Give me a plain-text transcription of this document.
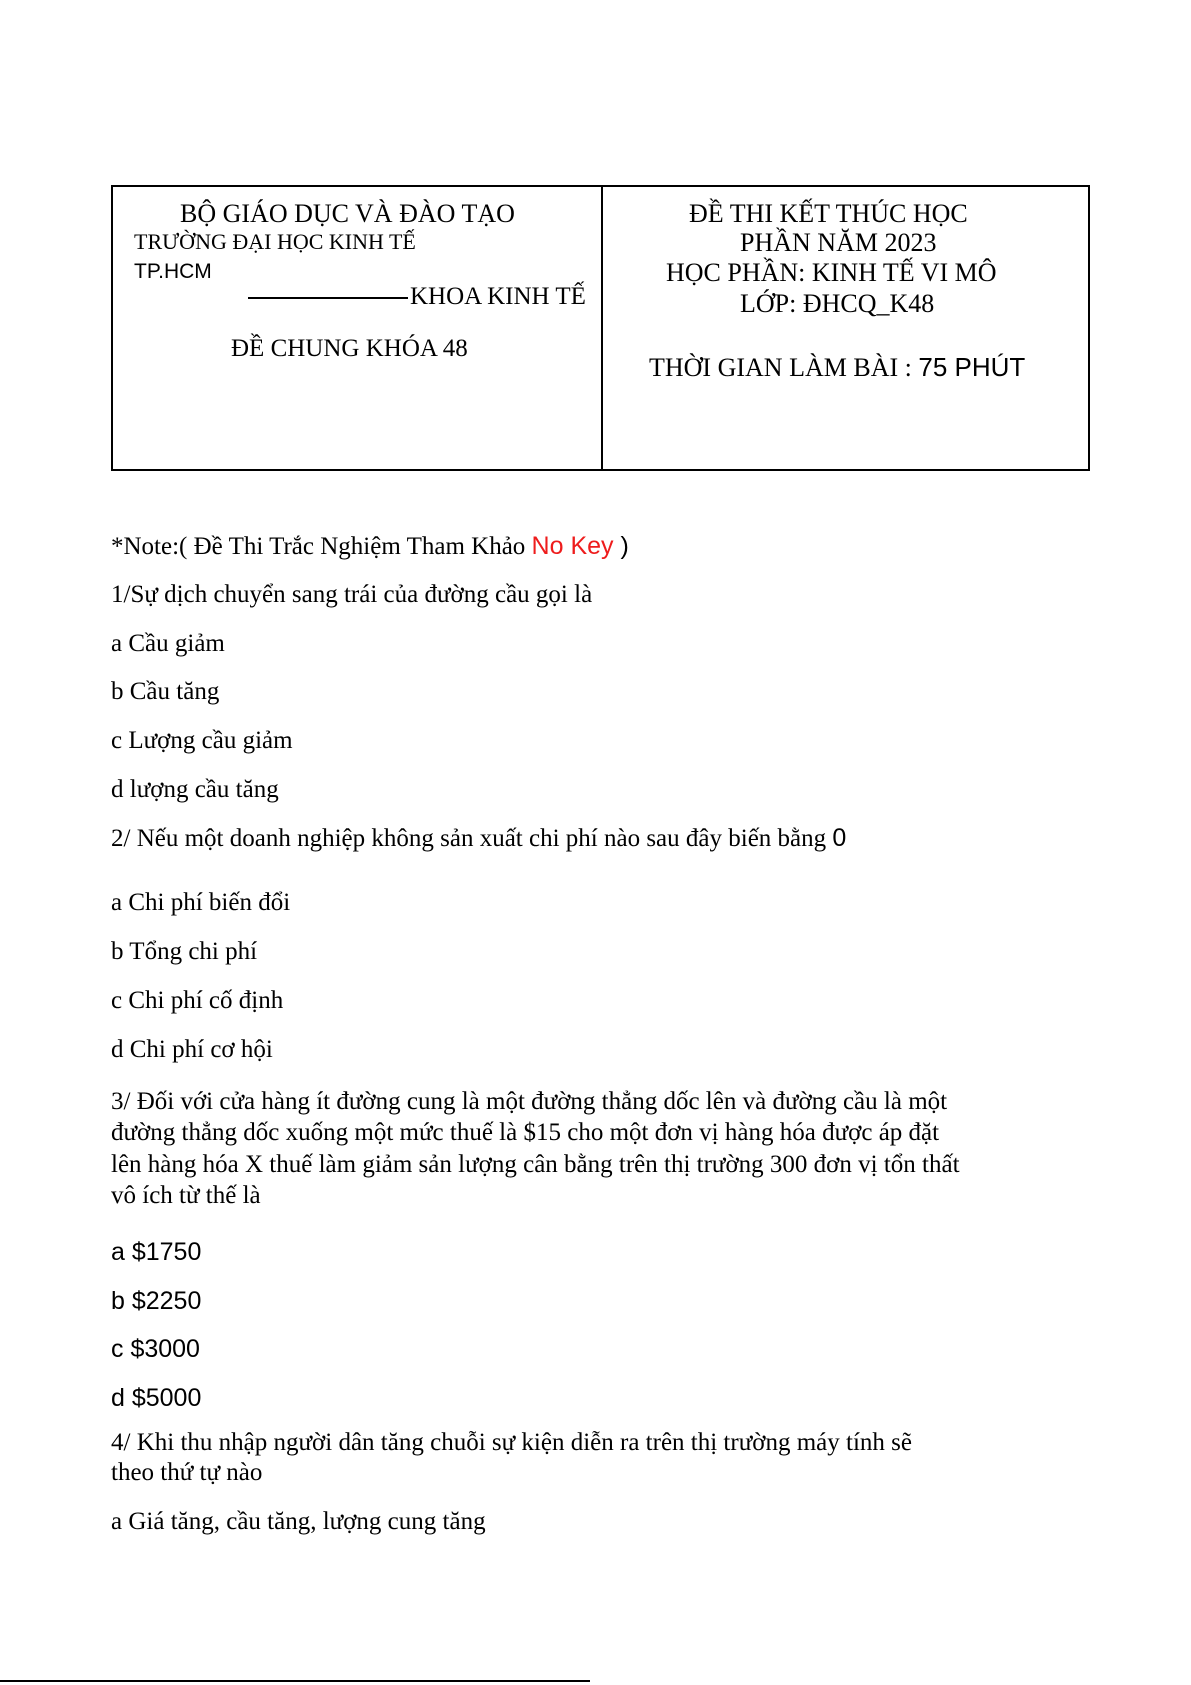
BỘ GIÁO DỤC VÀ ĐÀO TẠO
TRƯỜNG ĐẠI HỌC KINH TẾ
TP.HCM
KHOA KINH TẾ
ĐỀ CHUNG KHÓA 48
ĐỀ THI KẾT THÚC HỌC
PHẦN NĂM 2023
HỌC PHẦN: KINH TẾ VI MÔ
LỚP: ĐHCQ_K48
THỜI GIAN LÀM BÀI : 75 PHÚT
*Note:( Đề Thi Trắc Nghiệm Tham Khảo No Key )
1/Sự dịch chuyển sang trái của đường cầu gọi là
a Cầu giảm
b Cầu tăng
c Lượng cầu giảm
d lượng cầu tăng
2/ Nếu một doanh nghiệp không sản xuất chi phí nào sau đây biến bằng 0
a Chi phí biến đổi
b Tổng chi phí
c Chi phí cố định
d Chi phí cơ hội
3/ Đối với cửa hàng ít đường cung là một đường thẳng dốc lên và đường cầu là một
đường thẳng dốc xuống một mức thuế là $15 cho một đơn vị hàng hóa được áp đặt
lên hàng hóa X thuế làm giảm sản lượng cân bằng trên thị trường 300 đơn vị tổn thất
vô ích từ thế là
a $1750
b $2250
c $3000
d $5000
4/ Khi thu nhập người dân tăng chuỗi sự kiện diễn ra trên thị trường máy tính sẽ
theo thứ tự nào
a Giá tăng, cầu tăng, lượng cung tăng
